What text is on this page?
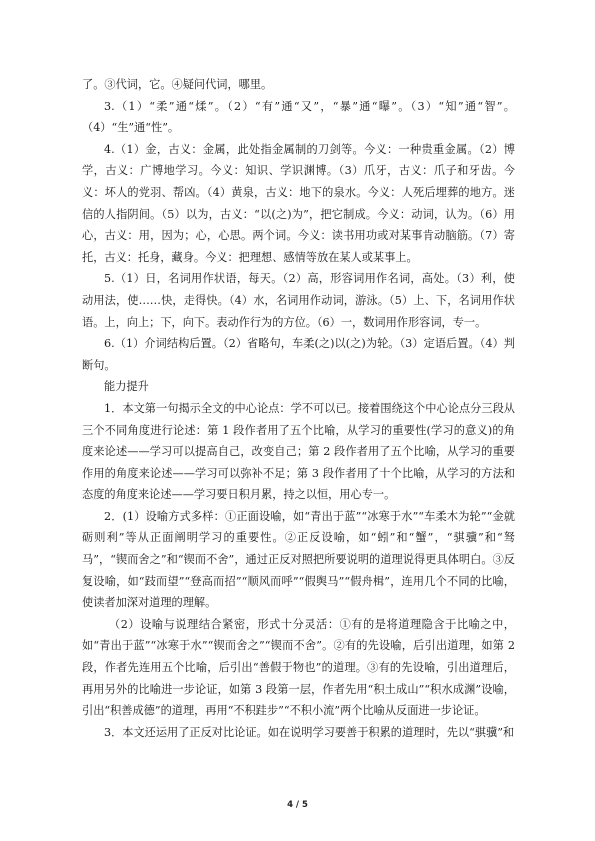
了。③代词，它。④疑问代词，哪里。

3.（1）“柔”通“煣”。（2）“有”通“又”，“暴”通“曝”。（3）“知”通“智”。（4）“生”通“性”。

4.（1）金，古义：金属，此处指金属制的刀剑等。今义：一种贵重金属。（2）博学，古义：广博地学习。今义：知识、学识渊博。（3）爪牙，古义：爪子和牙齿。今义：坏人的党羽、帮凶。（4）黄泉，古义：地下的泉水。今义：人死后埋葬的地方。迷信的人指阴间。（5）以为，古义：“以(之)为”，把它制成。今义：动词，认为。（6）用心，古义：用，因为；心，心思。两个词。今义：读书用功或对某事肯动脑筋。（7）寄托，古义：托身，藏身。今义：把理想、感情等放在某人或某事上。

5.（1）日，名词用作状语，每天。（2）高，形容词用作名词，高处。（3）利，使动用法，使……快，走得快。（4）水，名词用作动词，游泳。（5）上、下，名词用作状语。上，向上；下，向下。表动作行为的方位。（6）一，数词用作形容词，专一。

6.（1）介词结构后置。（2）省略句，车柔(之)以(之)为轮。（3）定语后置。（4）判断句。

能力提升

1．本文第一句揭示全文的中心论点：学不可以已。接着围绕这个中心论点分三段从三个不同角度进行论述：第 1 段作者用了五个比喻，从学习的重要性(学习的意义)的角度来论述——学习可以提高自己，改变自己；第 2 段作者用了五个比喻，从学习的重要作用的角度来论述——学习可以弥补不足；第 3 段作者用了十个比喻，从学习的方法和态度的角度来论述——学习要日积月累，持之以恒，用心专一。

2．(1）设喻方式多样：①正面设喻，如“青出于蓝”“冰寒于水”“车柔木为轮”“金就砺则利”等从正面阐明学习的重要性。②正反设喻，如“蚓”和“蟹”，“骐骥”和“驽马”，“锲而舍之”和“锲而不舍”，通过正反对照把所要说明的道理说得更具体明白。③反复设喻，如“跂而望”“登高而招”“顺风而呼”“假舆马”“假舟楫”，连用几个不同的比喻，使读者加深对道理的理解。

（2）设喻与说理结合紧密，形式十分灵活：①有的是将道理隐含于比喻之中，如“青出于蓝”“冰寒于水”“锲而舍之”“锲而不舍”。②有的先设喻，后引出道理，如第 2 段，作者先连用五个比喻，后引出“善假于物也”的道理。③有的先设喻，引出道理后，再用另外的比喻进一步论证，如第 3 段第一层，作者先用“积土成山”“积水成渊”设喻，引出“积善成德”的道理，再用“不积跬步”“不积小流”两个比喻从反面进一步论证。

3．本文还运用了正反对比论证。如在说明学习要善于积累的道理时，先以“骐骥”和

4 / 5
